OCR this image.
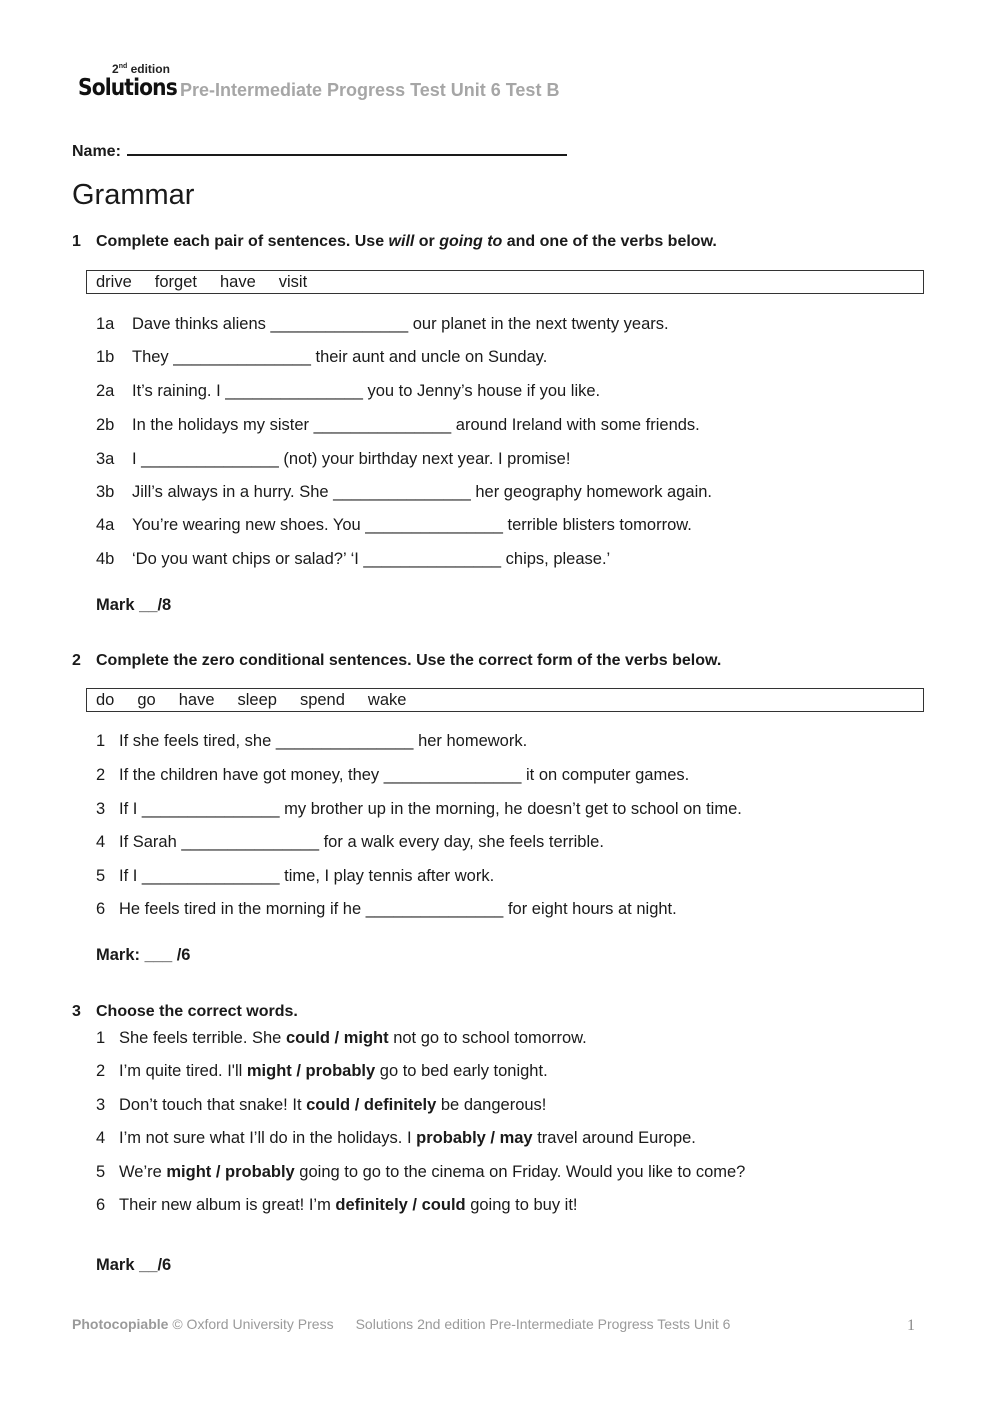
2nd edition
Solutions Pre-Intermediate Progress Test Unit 6 Test B
Name:
Grammar
1 Complete each pair of sentences. Use will or going to and one of the verbs below.
drive forget have visit
1a Dave thinks aliens _______________ our planet in the next twenty years.
1b They _______________ their aunt and uncle on Sunday.
2a It’s raining. I _______________ you to Jenny’s house if you like.
2b In the holidays my sister _______________ around Ireland with some friends.
3a I _______________ (not) your birthday next year. I promise!
3b Jill’s always in a hurry. She _______________ her geography homework again.
4a You’re wearing new shoes. You _______________ terrible blisters tomorrow.
4b ‘Do you want chips or salad?’ ‘I _______________ chips, please.’
Mark __/8
2 Complete the zero conditional sentences. Use the correct form of the verbs below.
do go have sleep spend wake
1 If she feels tired, she _______________ her homework.
2 If the children have got money, they _______________ it on computer games.
3 If I _______________ my brother up in the morning, he doesn’t get to school on time.
4 If Sarah _______________ for a walk every day, she feels terrible.
5 If I _______________ time, I play tennis after work.
6 He feels tired in the morning if he _______________ for eight hours at night.
Mark: ___ /6
3 Choose the correct words.
1 She feels terrible. She could / might not go to school tomorrow.
2 I’m quite tired. I'll might / probably go to bed early tonight.
3 Don’t touch that snake! It could / definitely be dangerous!
4 I’m not sure what I’ll do in the holidays. I probably / may travel around Europe.
5 We’re might / probably going to go to the cinema on Friday. Would you like to come?
6 Their new album is great! I’m definitely / could going to buy it!
Mark __/6
Photocopiable © Oxford University Press Solutions 2nd edition Pre-Intermediate Progress Tests Unit 6	1
